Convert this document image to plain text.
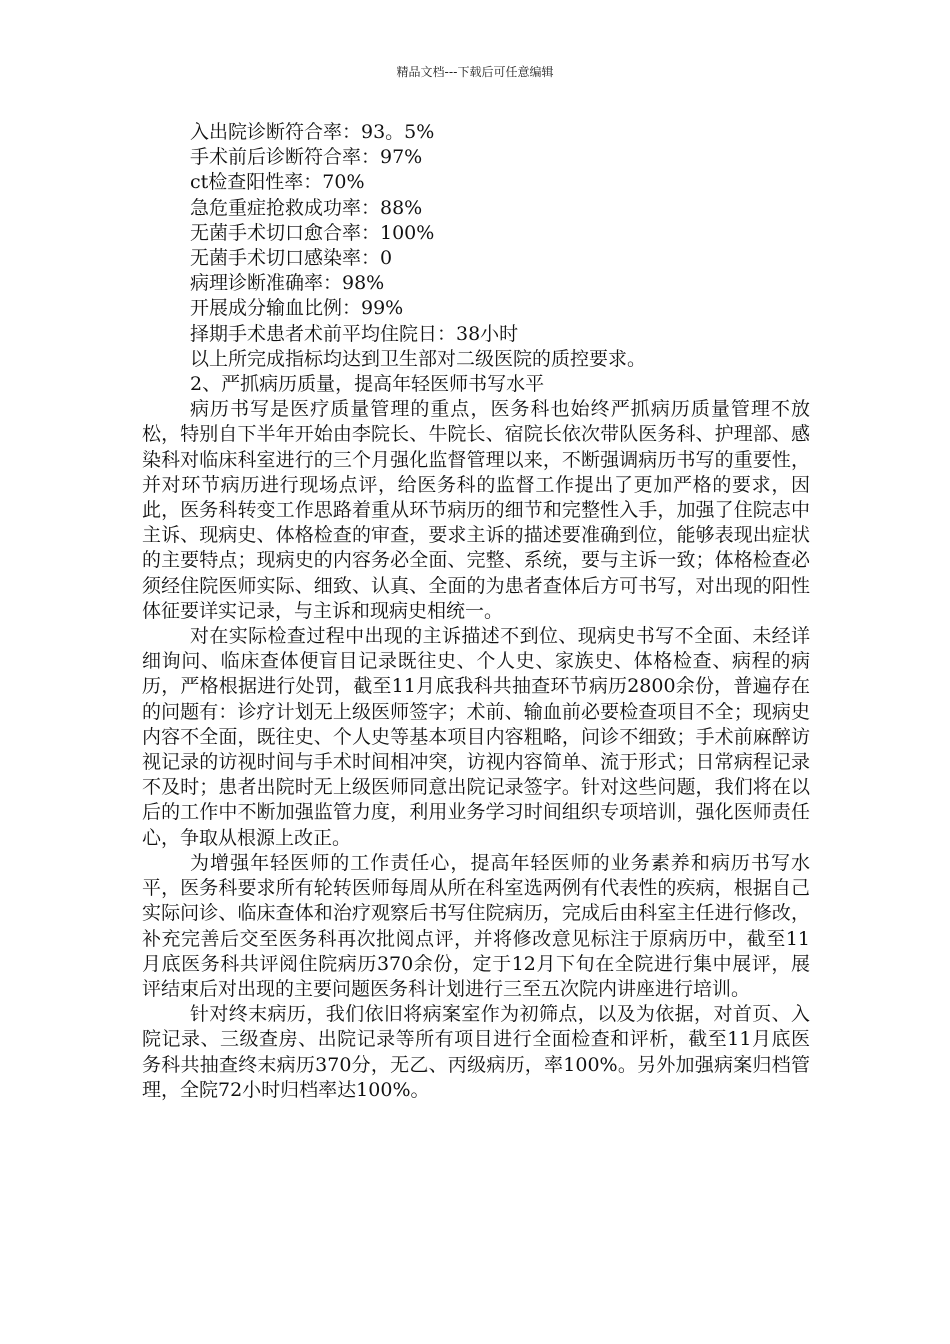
精品文档---下载后可任意编辑
入出院诊断符合率：93。5%
手术前后诊断符合率：97%
ct检查阳性率：70%
急危重症抢救成功率：88%
无菌手术切口愈合率：100%
无菌手术切口感染率：0
病理诊断准确率：98%
开展成分输血比例：99%
择期手术患者术前平均住院日：38小时
以上所完成指标均达到卫生部对二级医院的质控要求。
2、严抓病历质量，提高年轻医师书写水平

病历书写是医疗质量管理的重点，医务科也始终严抓病历质量管理不放松，特别自下半年开始由李院长、牛院长、宿院长依次带队医务科、护理部、感染科对临床科室进行的三个月强化监督管理以来，不断强调病历书写的重要性，并对环节病历进行现场点评，给医务科的监督工作提出了更加严格的要求，因此，医务科转变工作思路着重从环节病历的细节和完整性入手，加强了住院志中主诉、现病史、体格检查的审查，要求主诉的描述要准确到位，能够表现出症状的主要特点；现病史的内容务必全面、完整、系统，要与主诉一致；体格检查必须经住院医师实际、细致、认真、全面的为患者查体后方可书写，对出现的阳性体征要详实记录，与主诉和现病史相统一。

对在实际检查过程中出现的主诉描述不到位、现病史书写不全面、未经详细询问、临床查体便盲目记录既往史、个人史、家族史、体格检查、病程的病历，严格根据进行处罚，截至11月底我科共抽查环节病历2800余份，普遍存在的问题有：诊疗计划无上级医师签字；术前、输血前必要检查项目不全；现病史内容不全面，既往史、个人史等基本项目内容粗略，问诊不细致；手术前麻醉访视记录的访视时间与手术时间相冲突，访视内容简单、流于形式；日常病程记录不及时；患者出院时无上级医师同意出院记录签字。针对这些问题，我们将在以后的工作中不断加强监管力度，利用业务学习时间组织专项培训，强化医师责任心，争取从根源上改正。

为增强年轻医师的工作责任心，提高年轻医师的业务素养和病历书写水平，医务科要求所有轮转医师每周从所在科室选两例有代表性的疾病，根据自己实际问诊、临床查体和治疗观察后书写住院病历，完成后由科室主任进行修改，补充完善后交至医务科再次批阅点评，并将修改意见标注于原病历中，截至11月底医务科共评阅住院病历370余份，定于12月下旬在全院进行集中展评，展评结束后对出现的主要问题医务科计划进行三至五次院内讲座进行培训。

针对终末病历，我们依旧将病案室作为初筛点，以及为依据，对首页、入院记录、三级查房、出院记录等所有项目进行全面检查和评析，截至11月底医务科共抽查终末病历370分，无乙、丙级病历，率100%。另外加强病案归档管理，全院72小时归档率达100%。
